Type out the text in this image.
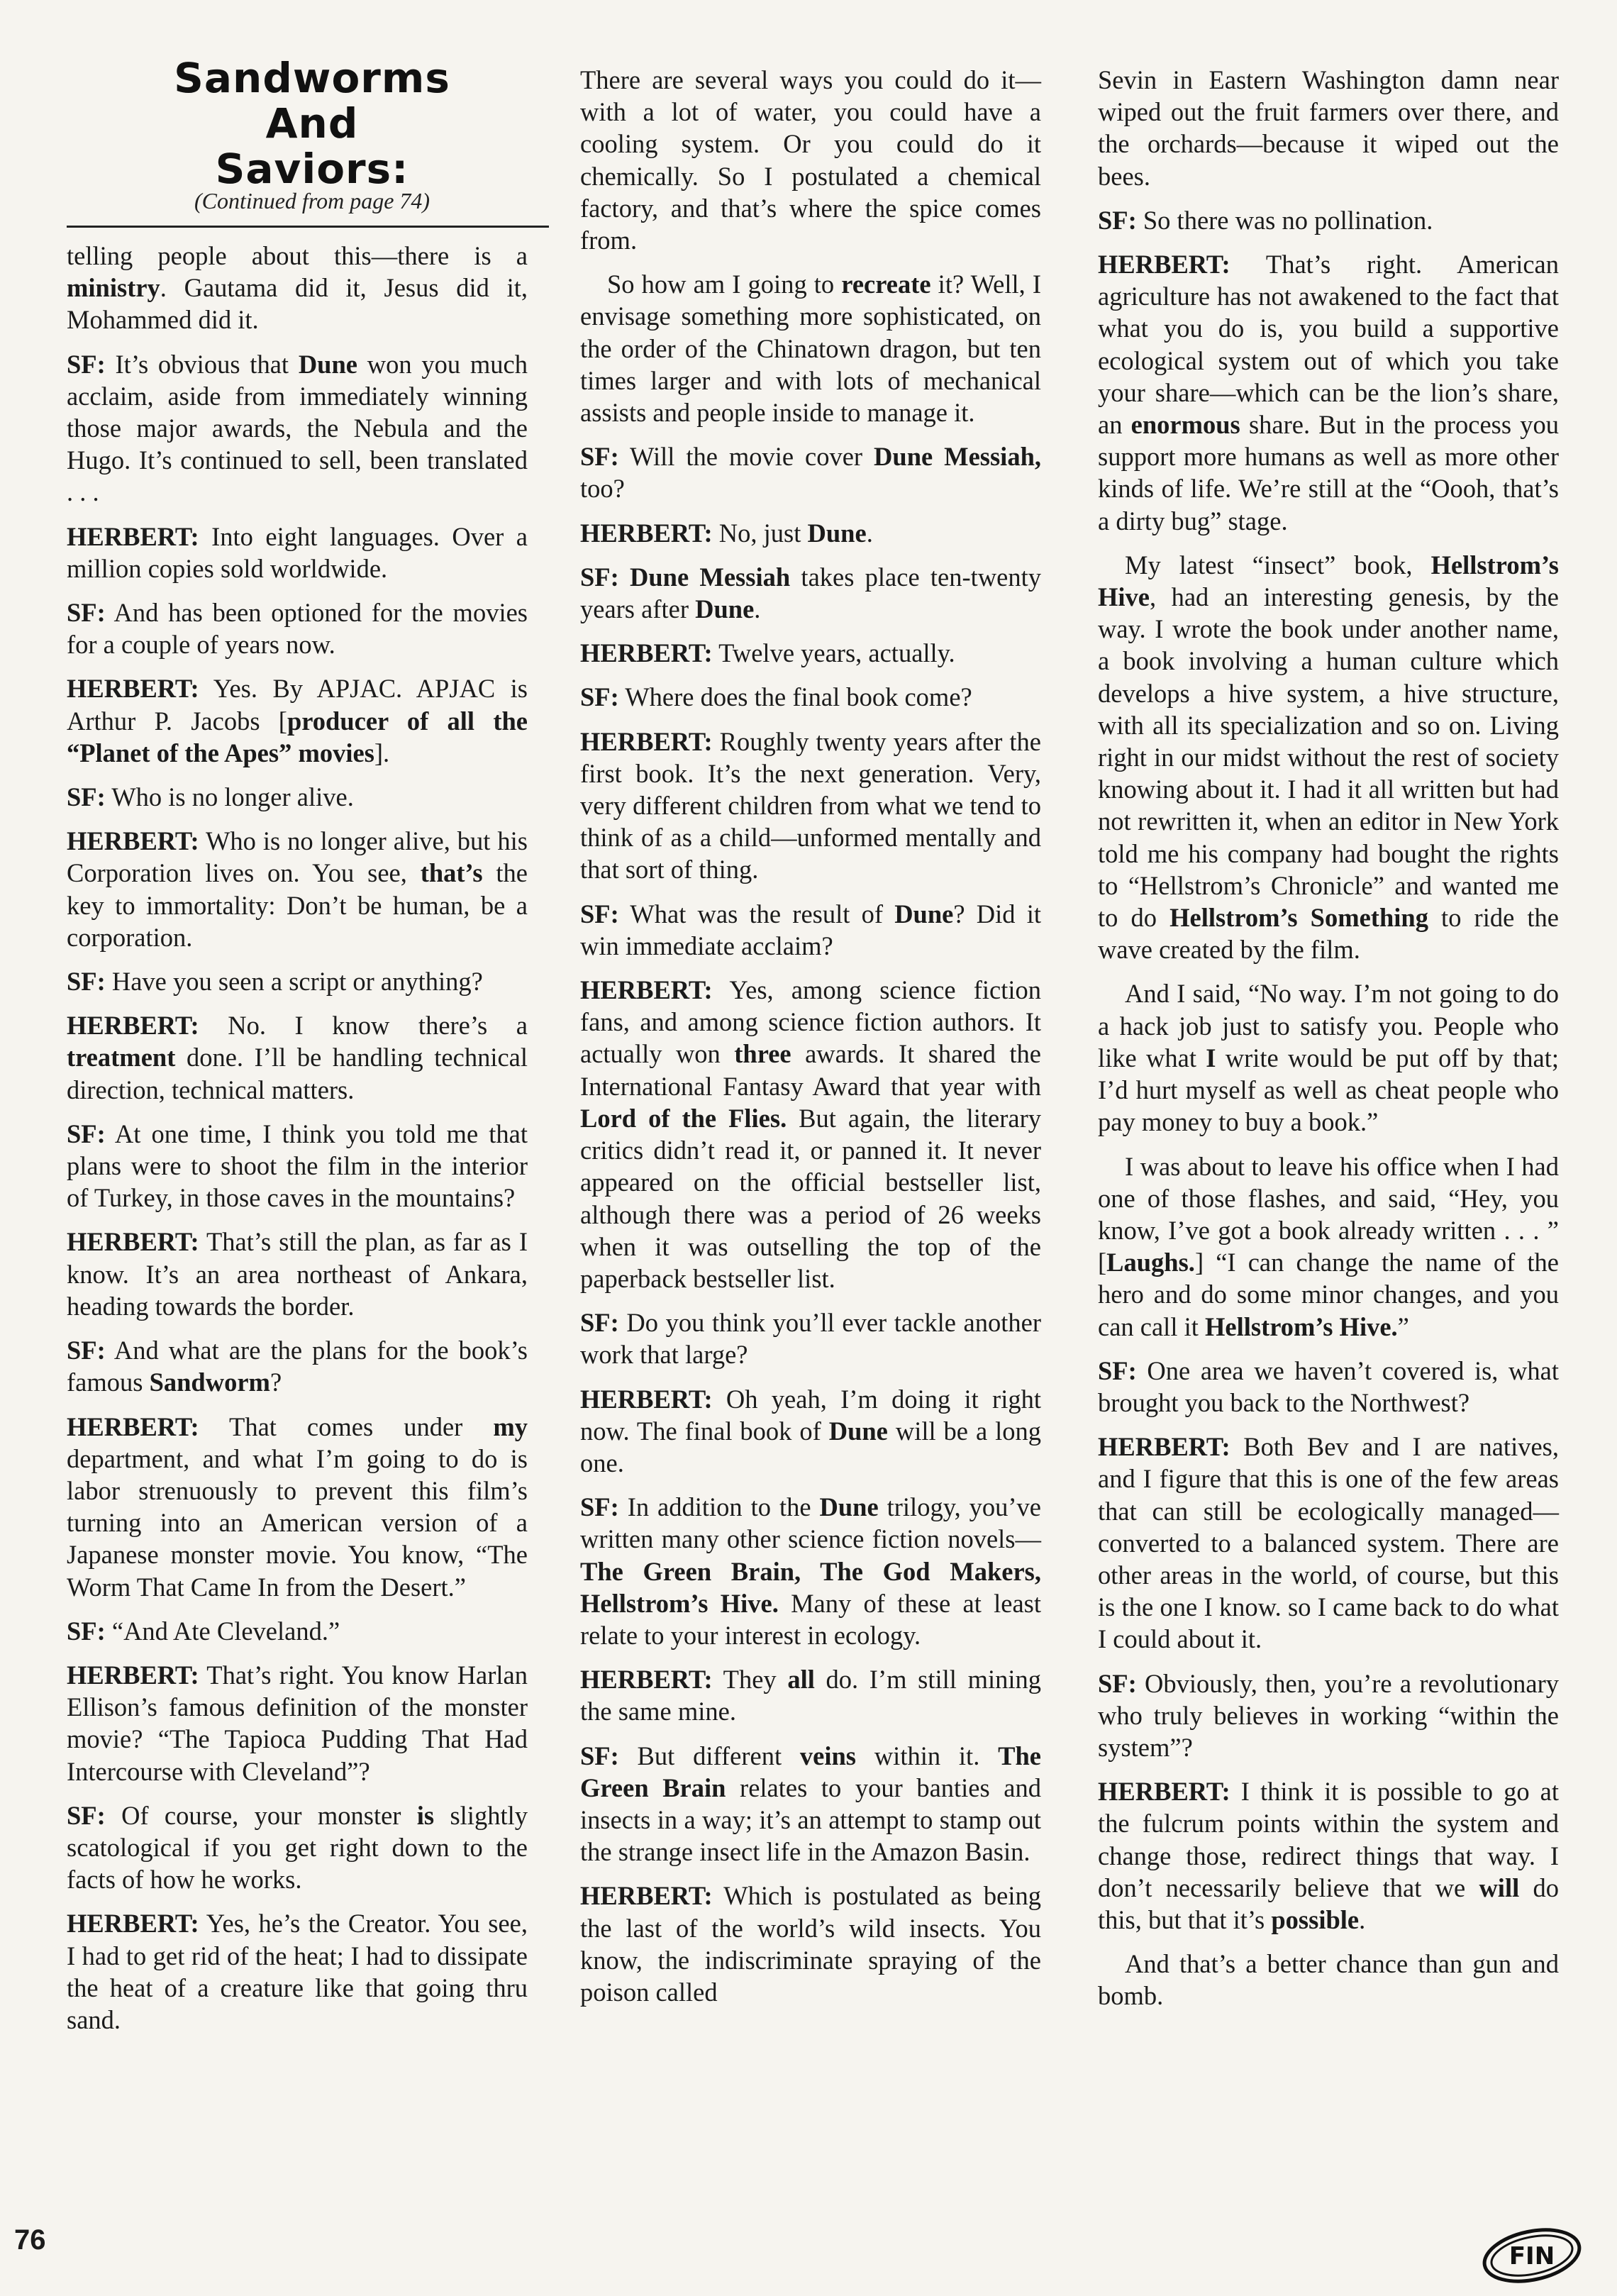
Sandworms
And
Saviors:
(Continued from page 74)

telling people about this—there is a ministry. Gautama did it, Jesus did it, Mohammed did it.

SF: It’s obvious that Dune won you much acclaim, aside from immediately winning those major awards, the Nebula and the Hugo. It’s continued to sell, been translated . . .

HERBERT: Into eight languages. Over a million copies sold worldwide.

SF: And has been optioned for the movies for a couple of years now.

HERBERT: Yes. By APJAC. APJAC is Arthur P. Jacobs [producer of all the “Planet of the Apes” movies].

SF: Who is no longer alive.

HERBERT: Who is no longer alive, but his Corporation lives on. You see, that’s the key to immortality: Don’t be human, be a corporation.

SF: Have you seen a script or anything?

HERBERT: No. I know there’s a treatment done. I’ll be handling technical direction, technical matters.

SF: At one time, I think you told me that plans were to shoot the film in the interior of Turkey, in those caves in the mountains?

HERBERT: That’s still the plan, as far as I know. It’s an area northeast of Ankara, heading towards the border.

SF: And what are the plans for the book’s famous Sandworm?

HERBERT: That comes under my department, and what I’m going to do is labor strenuously to prevent this film’s turning into an American version of a Japanese monster movie. You know, “The Worm That Came In from the Desert.”

SF: “And Ate Cleveland.”

HERBERT: That’s right. You know Harlan Ellison’s famous definition of the monster movie? “The Tapioca Pudding That Had Intercourse with Cleveland”?

SF: Of course, your monster is slightly scatological if you get right down to the facts of how he works.

HERBERT: Yes, he’s the Creator. You see, I had to get rid of the heat; I had to dissipate the heat of a creature like that going thru sand.

There are several ways you could do it—with a lot of water, you could have a cooling system. Or you could do it chemically. So I postulated a chemical factory, and that’s where the spice comes from.

So how am I going to recreate it? Well, I envisage something more sophisticated, on the order of the Chinatown dragon, but ten times larger and with lots of mechanical assists and people inside to manage it.

SF: Will the movie cover Dune Messiah, too?

HERBERT: No, just Dune.

SF: Dune Messiah takes place ten-twenty years after Dune.

HERBERT: Twelve years, actually.

SF: Where does the final book come?

HERBERT: Roughly twenty years after the first book. It’s the next generation. Very, very different children from what we tend to think of as a child—unformed mentally and that sort of thing.

SF: What was the result of Dune? Did it win immediate acclaim?

HERBERT: Yes, among science fiction fans, and among science fiction authors. It actually won three awards. It shared the International Fantasy Award that year with Lord of the Flies. But again, the literary critics didn’t read it, or panned it. It never appeared on the official bestseller list, although there was a period of 26 weeks when it was outselling the top of the paperback bestseller list.

SF: Do you think you’ll ever tackle another work that large?

HERBERT: Oh yeah, I’m doing it right now. The final book of Dune will be a long one.

SF: In addition to the Dune trilogy, you’ve written many other science fiction novels—The Green Brain, The God Makers, Hellstrom’s Hive. Many of these at least relate to your interest in ecology.

HERBERT: They all do. I’m still mining the same mine.

SF: But different veins within it. The Green Brain relates to your banties and insects in a way; it’s an attempt to stamp out the strange insect life in the Amazon Basin.

HERBERT: Which is postulated as being the last of the world’s wild insects. You know, the indiscriminate spraying of the poison called

Sevin in Eastern Washington damn near wiped out the fruit farmers over there, and the orchards—because it wiped out the bees.

SF: So there was no pollination.

HERBERT: That’s right. American agriculture has not awakened to the fact that what you do is, you build a supportive ecological system out of which you take your share—which can be the lion’s share, an enormous share. But in the process you support more humans as well as more other kinds of life. We’re still at the “Oooh, that’s a dirty bug” stage.

My latest “insect” book, Hellstrom’s Hive, had an interesting genesis, by the way. I wrote the book under another name, a book involving a human culture which develops a hive system, a hive structure, with all its specialization and so on. Living right in our midst without the rest of society knowing about it. I had it all written but had not rewritten it, when an editor in New York told me his company had bought the rights to “Hellstrom’s Chronicle” and wanted me to do Hellstrom’s Something to ride the wave created by the film.

And I said, “No way. I’m not going to do a hack job just to satisfy you. People who like what I write would be put off by that; I’d hurt myself as well as cheat people who pay money to buy a book.”

I was about to leave his office when I had one of those flashes, and said, “Hey, you know, I’ve got a book already written . . . ” [Laughs.] “I can change the name of the hero and do some minor changes, and you can call it Hellstrom’s Hive.”

SF: One area we haven’t covered is, what brought you back to the Northwest?

HERBERT: Both Bev and I are natives, and I figure that this is one of the few areas that can still be ecologically managed—converted to a balanced system. There are other areas in the world, of course, but this is the one I know. so I came back to do what I could about it.

SF: Obviously, then, you’re a revolutionary who truly believes in working “within the system”?

HERBERT: I think it is possible to go at the fulcrum points within the system and change those, redirect things that way. I don’t necessarily believe that we will do this, but that it’s possible.

And that’s a better chance than gun and bomb.

76
FIN
